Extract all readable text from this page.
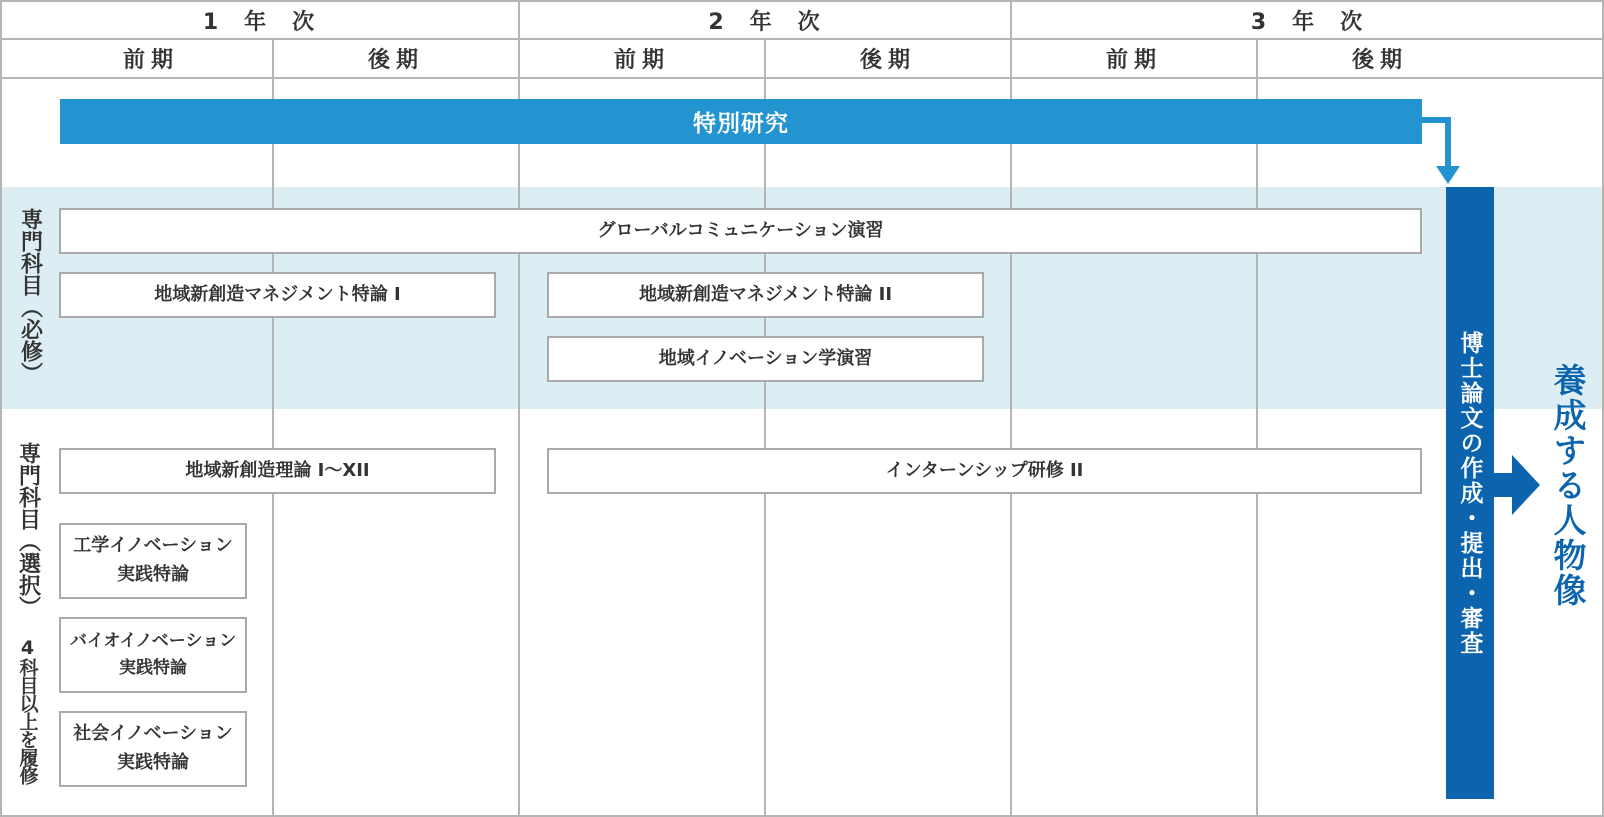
1　年　次	2　年　次	3　年　次
前期	後期	前期	後期	前期	後期
特別研究
専門科目（必修）	グローバルコミュニケーション演習
地域新創造マネジメント特論 I	地域新創造マネジメント特論 II
地域イノベーション学演習
専門科目（選択）
4科目以上を履修
地域新創造理論 I〜XII	インターンシップ研修 II
工学イノベーション
実践特論
バイオイノベーション
実践特論
社会イノベーション
実践特論
博士論文の作成・提出・審査	養成する人物像
